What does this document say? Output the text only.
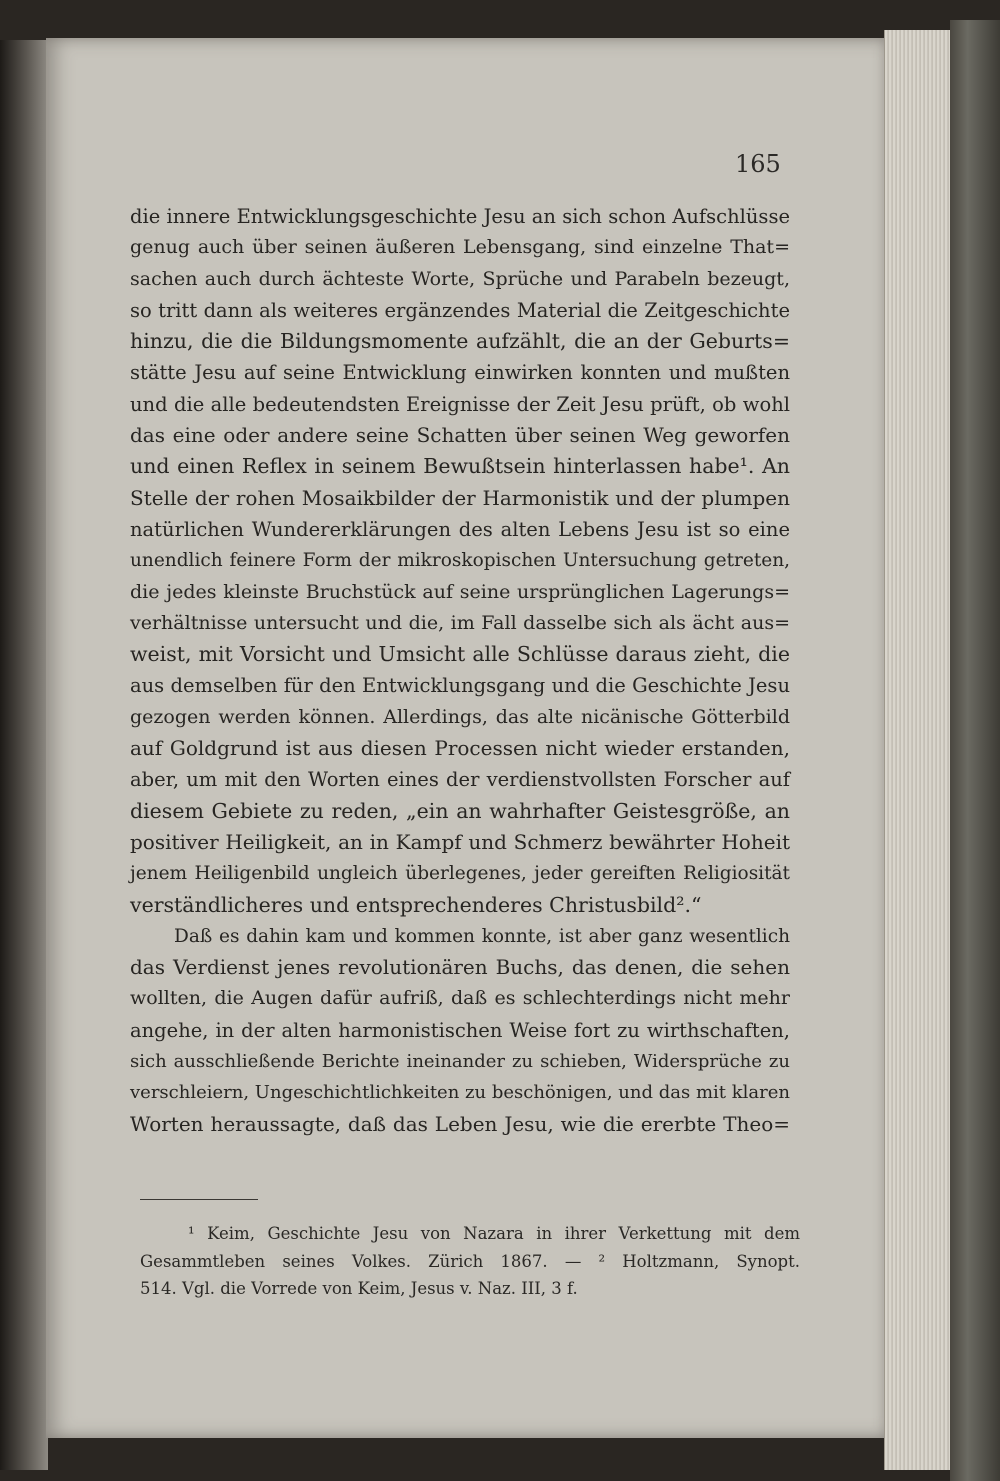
165
die innere Entwicklungsgeschichte Jesu an sich schon Aufschlüsse
genug auch über seinen äußeren Lebensgang, sind einzelne That=
sachen auch durch ächteste Worte, Sprüche und Parabeln bezeugt,
so tritt dann als weiteres ergänzendes Material die Zeitgeschichte
hinzu, die die Bildungsmomente aufzählt, die an der Geburts=
stätte Jesu auf seine Entwicklung einwirken konnten und mußten
und die alle bedeutendsten Ereignisse der Zeit Jesu prüft, ob wohl
das eine oder andere seine Schatten über seinen Weg geworfen
und einen Reflex in seinem Bewußtsein hinterlassen habe¹. An
Stelle der rohen Mosaikbilder der Harmonistik und der plumpen
natürlichen Wundererklärungen des alten Lebens Jesu ist so eine
unendlich feinere Form der mikroskopischen Untersuchung getreten,
die jedes kleinste Bruchstück auf seine ursprünglichen Lagerungs=
verhältnisse untersucht und die, im Fall dasselbe sich als ächt aus=
weist, mit Vorsicht und Umsicht alle Schlüsse daraus zieht, die
aus demselben für den Entwicklungsgang und die Geschichte Jesu
gezogen werden können. Allerdings, das alte nicänische Götterbild
auf Goldgrund ist aus diesen Processen nicht wieder erstanden,
aber, um mit den Worten eines der verdienstvollsten Forscher auf
diesem Gebiete zu reden, „ein an wahrhafter Geistesgröße, an
positiver Heiligkeit, an in Kampf und Schmerz bewährter Hoheit
jenem Heiligenbild ungleich überlegenes, jeder gereiften Religiosität
verständlicheres und entsprechenderes Christusbild².“
Daß es dahin kam und kommen konnte, ist aber ganz wesentlich
das Verdienst jenes revolutionären Buchs, das denen, die sehen
wollten, die Augen dafür aufriß, daß es schlechterdings nicht mehr
angehe, in der alten harmonistischen Weise fort zu wirthschaften,
sich ausschließende Berichte ineinander zu schieben, Widersprüche zu
verschleiern, Ungeschichtlichkeiten zu beschönigen, und das mit klaren
Worten heraussagte, daß das Leben Jesu, wie die ererbte Theo=
¹ Keim, Geschichte Jesu von Nazara in ihrer Verkettung mit dem
Gesammtleben seines Volkes. Zürich 1867. — ² Holtzmann, Synopt.
514. Vgl. die Vorrede von Keim, Jesus v. Naz. III, 3 f.
